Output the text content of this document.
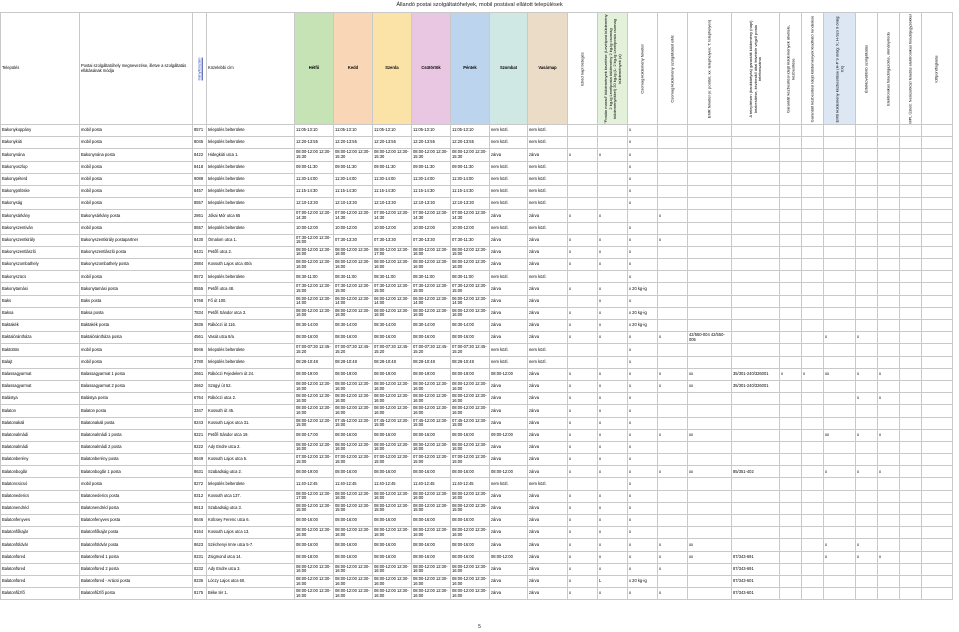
Állandó postai szolgáltatóhelyek, mobil postával ellátott települések
Település	Postai szolgáltatóhely megnevezése, illetve a szolgáltatás ellátásának módja	Irányítószám	Közelebbi cím	Hétfő	Kedd	Szerda	Csütörtök	Péntek	Szombat	Vasárnap	Ebéd napi betegés	"Postán marad" küldemények kezelése (Levélpost küldemény 2 kg-ig Levélposta küldemény 2 kg-ig csomag küldeményekkel) 20 kg-ig (L: 2 kg-ig Levélposta csomag küldemények (x)	Csomag küldemény felvétel	Csomag küldemény szolgáltatást ellát	EMR felvétel (x: postán; xx: telephelyen; T: telephelyen)	A telepítésen (bankkártyás) garantált küldemény (napi) kézbesítése, kézbesítő által felvétele végző posta telefonszáma	Garantált kézbesítési idejű küldemények átvétele, kézbesítése	Garantált kézbesítési idejű küldemények kiadható rendelése	EMS küldemény kézbesítése (H-P 9 óráig: X; H-Szo 9 óráig: XX)	Értéktovábbító szolgáltatás	Elektronikus feladóigazolás, okmányiroda	MPL Üzleti: Nemzetközi feladás elektronikus feladójegyzékkel	Időpontfoglalás

Bakonykoppány	mobil posta	8571	település belterülete	11:05-13:10	11:05-13:10	11:05-13:10	11:05-13:10	11:05-13:10	nem közl.	nem közl.			x										
Bakonykúti	mobil posta	8045	település belterülete	12:20-13:55	12:20-13:55	12:20-13:55	12:20-13:55	12:20-13:55	nem közl.	nem közl.			x										
Bakonynána	Bakonynána posta	8422	Hidegkúti utca 1.	08:00-12:00 12:30-15:30	08:00-12:00 12:30-15:30	08:00-12:00 12:30-15:30	08:00-12:00 12:30-15:30	08:00-12:00 12:30-15:30	zárva	zárva	x	x	x										
Bakonyoszlop	mobil posta	8418	település belterülete	09:00-11:30	09:00-11:30	09:00-11:30	09:00-11:30	09:00-11:30	nem közl.	nem közl.			x										
Bakonypéterd	mobil posta	9088	település belterülete	11:30-14:00	11:30-14:00	11:30-14:00	11:30-14:00	11:30-14:00	nem közl.	nem közl.			x										
Bakonypölöske	mobil posta	8457	település belterülete	11:15-14:30	11:15-14:30	11:15-14:30	11:15-14:30	11:15-14:30	nem közl.	nem közl.			x										
Bakonyság	mobil posta	8557	település belterülete	12:10-13:30	12:10-13:30	12:10-13:30	12:10-13:30	12:10-13:30	nem közl.	nem közl.			x										
Bakonysárkány	Bakonysárkány posta	2861	Jókai Mór utca 65	07:00-12:00 12:30-14:30	07:00-12:00 12:30-14:30	07:00-12:00 12:30-14:30	07:00-12:00 12:30-14:30	07:00-12:00 12:30-14:30	zárva	zárva	x	x		x									
Bakonyszentiván	mobil posta	8557	település belterülete	10:00-12:00	10:00-12:00	10:00-12:00	10:00-12:00	10:00-12:00	nem közl.	nem közl.			x										
Bakonyszentkirály	Bakonyszentkirály postapartner	8430	Ómalom utca 1.	07:30-12:00 12:30-15:00	07:30-13:30	07:30-13:30	07:30-13:30	07:30-11:30	zárva	zárva	x	x	x	x									
Bakonyszentlászló	Bakonyszentlászló posta	8431	Petőfi utca 2.	08:00-12:00 12:30-16:00	08:00-12:00 12:30-16:00	08:00-12:00 12:30-17:00	08:00-12:00 12:30-16:00	08:00-12:00 12:30-15:00	zárva	zárva	x	x	x										
Bakonyszombathely	Bakonyszombathely posta	2884	Kossuth Lajos utca 40/a	08:00-12:00 12:30-16:00	08:00-12:00 12:30-16:00	08:00-12:00 12:30-16:00	08:00-12:00 12:30-16:00	08:00-12:00 12:30-16:00	zárva	zárva	x	x	x										
Bakonyszücs	mobil posta	8572	település belterülete	08:30-11:00	08:30-11:00	08:30-11:00	08:30-11:00	08:30-11:00	nem közl.	nem közl.			x										
Bakonytamási	Bakonytamási posta	8555	Petőfi utca 48.	07:30-12:00 12:30-15:00	07:30-12:00 12:30-15:00	07:30-12:00 12:30-15:00	07:30-12:00 12:30-15:00	07:30-12:00 12:30-15:00	zárva	zárva	x	x	x 20 kg-ig										
Baks	Baks posta	6768	Fő út 100.	06:00-12:00 12:30-14:00	06:00-12:00 12:30-14:00	06:00-12:00 12:30-14:00	06:00-12:00 12:30-14:00	06:00-12:00 12:30-14:00	zárva	zárva		x	x										
Baksa	Baksa posta	7834	Petőfi Sándor utca 3.	08:00-12:00 12:30-16:00	08:00-12:00 12:30-16:00	08:00-12:00 12:30-16:00	08:00-12:00 12:30-16:00	08:00-12:00 12:30-16:00	zárva	zárva	x	x	x 20 kg-ig										
Baktakék	Baktakék posta	3836	Rákóczi út 116.	08:30-14:00	08:30-14:00	08:30-14:00	08:30-14:00	08:30-14:00	zárva	zárva	x	x	x 20 kg-ig										
Baktalórántháza	Baktalórántháza posta	4561	Vasút utca 8/a	08:00-16:00	08:00-16:00	08:00-16:00	08:00-16:00	08:00-16:00	zárva	zárva	x	x	x	x	42/550-004 42/550-005				x	x			
Baktüttös	mobil posta	8946	település belterülete	07:00-07:30 12:45-15:20	07:00-07:30 12:45-15:20	07:00-07:30 12:45-15:20	07:00-07:30 12:45-15:20	07:00-07:30 12:45-15:20	nem közl.	nem közl.			x										
Balajt	mobil posta	3780	település belterülete	08:28-10:48	08:28-10:48	08:28-10:48	08:28-10:48	08:28-10:48	nem közl.	nem közl.			x										
Balassagyarmat	Balassagyarmat 1 posta	2661	Rákóczi Fejedelem út 24.	08:00-19:00	08:00-19:00	08:00-19:00	08:00-19:00	08:00-19:00	08:00-12:00	zárva	x	x	x	x	xx	35/301-240/326001	x	x	xx	x	x		
Balassagyarmat	Balassagyarmat 2 posta	2662	Szügyi út 52.	08:00-12:00 12:30-16:00	08:00-12:00 12:30-16:00	08:00-12:00 12:30-16:00	08:00-12:00 12:30-16:00	08:00-12:00 12:30-16:00	zárva	zárva	x	x	x	x	xx	35/301-240/326001							
Balástya	Balástya posta	6764	Rákóczi utca 2.	08:00-12:00 12:30-16:00	08:00-12:00 12:30-16:00	08:00-12:00 12:30-16:00	08:00-12:00 12:30-16:00	08:00-12:00 12:30-16:00	zárva	zárva	x	x	x							x	x		
Balaton	Balaton posta	3347	Kossuth út 45.	08:00-12:00 12:30-16:00	08:00-12:00 12:30-16:00	08:00-12:00 12:30-16:00	08:00-12:00 12:30-16:00	08:00-12:00 12:30-16:00	zárva	zárva	x	x	x										
Balatonakali	Balatonakali posta	8243	Kossuth Lajos utca 31.	08:00-12:00 12:30-15:00	07:45-12:00 12:30-15:00	07:45-12:00 12:30-15:00	07:45-12:00 12:30-15:00	07:45-12:00 12:30-15:00	zárva	zárva	x	x	x										
Balatonalmádi	Balatonalmádi 1 posta	8221	Petőfi Sándor utca 19.	08:00-17:00	08:00-16:00	08:00-16:00	08:00-16:00	08:00-16:00	09:00-12:00	zárva	x	x	x	x	xx				xx	x	x		
Balatonalmádi	Balatonalmádi 2 posta	8222	Ady Endre utca 2.	08:00-12:00 12:30-16:00	08:00-12:00 12:30-16:00	08:00-12:00 12:30-16:00	08:00-12:00 12:30-16:00	08:00-12:00 12:30-16:00	zárva	zárva	x	x	x										
Balatonberény	Balatonberény posta	8649	Kossuth Lajos utca 5.	07:00-12:00 12:30-15:00	07:00-12:00 12:30-15:00	07:00-12:00 12:30-15:00	07:00-12:00 12:30-15:00	07:00-12:00 12:30-15:00	zárva	zárva	x	x	x										
Balatonboglár	Balatonboglár 1 posta	8631	Szabadság utca 2.	08:00-19:00	08:00-16:00	08:00-16:00	08:00-16:00	08:00-16:00	08:00-12:00	zárva	x	x	x	x	xx	85/351-402			x	x	x		
Balatoncsicsó	mobil posta	8272	település belterülete	11:40-12:45	11:40-12:45	11:40-12:45	11:40-12:45	11:40-12:45	nem közl.	nem közl.			x										
Balatonederics	Balatonederics posta	8312	Kossuth utca 137.	08:00-12:00 12:30-17:00	08:00-12:00 12:30-16:00	08:00-12:00 12:30-16:00	08:00-12:00 12:30-16:00	08:00-12:00 12:30-16:00	zárva	zárva	x	x	x										
Balatonendréd	Balatonendréd posta	8613	Szabadság utca 3.	08:00-12:00 12:30-15:00	08:00-12:00 12:30-15:00	08:00-12:00 12:30-15:00	08:00-12:00 12:30-15:00	08:00-12:00 12:30-15:00	zárva	zárva	x	x	x										
Balatonfenyves	Balatonfenyves posta	8646	Kölcsey Ferenc utca 6.	08:00-16:00	08:00-16:00	08:00-16:00	08:00-16:00	08:00-16:00	zárva	zárva	x	x	x										
Balatonfőkajár	Balatonfőkajár posta	8164	Kossuth Lajos utca 13.	08:00-12:00 12:30-16:00	08:00-12:00 12:30-16:00	08:00-12:00 12:30-16:00	08:00-12:00 12:30-16:00	08:00-12:00 12:30-16:00	zárva	zárva	x	x	x										
Balatonföldvár	Balatonföldvár posta	8623	Széchenyi Imre utca 5-7.	08:00-16:00	08:00-16:00	08:00-16:00	08:00-16:00	08:00-16:00	zárva	zárva	x	x	x	x	xx				x	x			
Balatonfüred	Balatonfüred 1 posta	8231	Zsigmond utca 14.	08:00-18:00	08:00-16:00	08:00-16:00	08:00-16:00	08:00-16:00	08:00-12:00	zárva	x	x	x	x	xx	87/343-691			x	x	x		
Balatonfüred	Balatonfüred 2 posta	8232	Ady Endre utca 3.	08:00-12:00 12:30-16:00	08:00-12:00 12:30-16:00	08:00-12:00 12:30-16:00	08:00-12:00 12:30-16:00	08:00-12:00 12:30-16:00	zárva	zárva	x	x	x	x		87/343-691							
Balatonfüred	Balatonfüred - Arácsi posta	8236	Lóczy Lajos utca 60.	08:00-12:00 12:30-16:00	08:00-12:00 12:30-16:00	08:00-12:00 12:30-16:00	08:00-12:00 12:30-16:00	08:00-12:00 12:30-16:00	zárva	zárva	x	L	x 20 kg-ig			87/343-601							
Balatonfűzfő	Balatonfűzfő posta	8175	Béke tér 1.	08:00-12:00 12:30-16:00	08:00-12:00 12:30-16:00	08:00-12:00 12:30-16:00	08:00-12:00 12:30-16:00	08:00-12:00 12:30-16:00	zárva	zárva	x	x	x	x		87/343-601							
5
